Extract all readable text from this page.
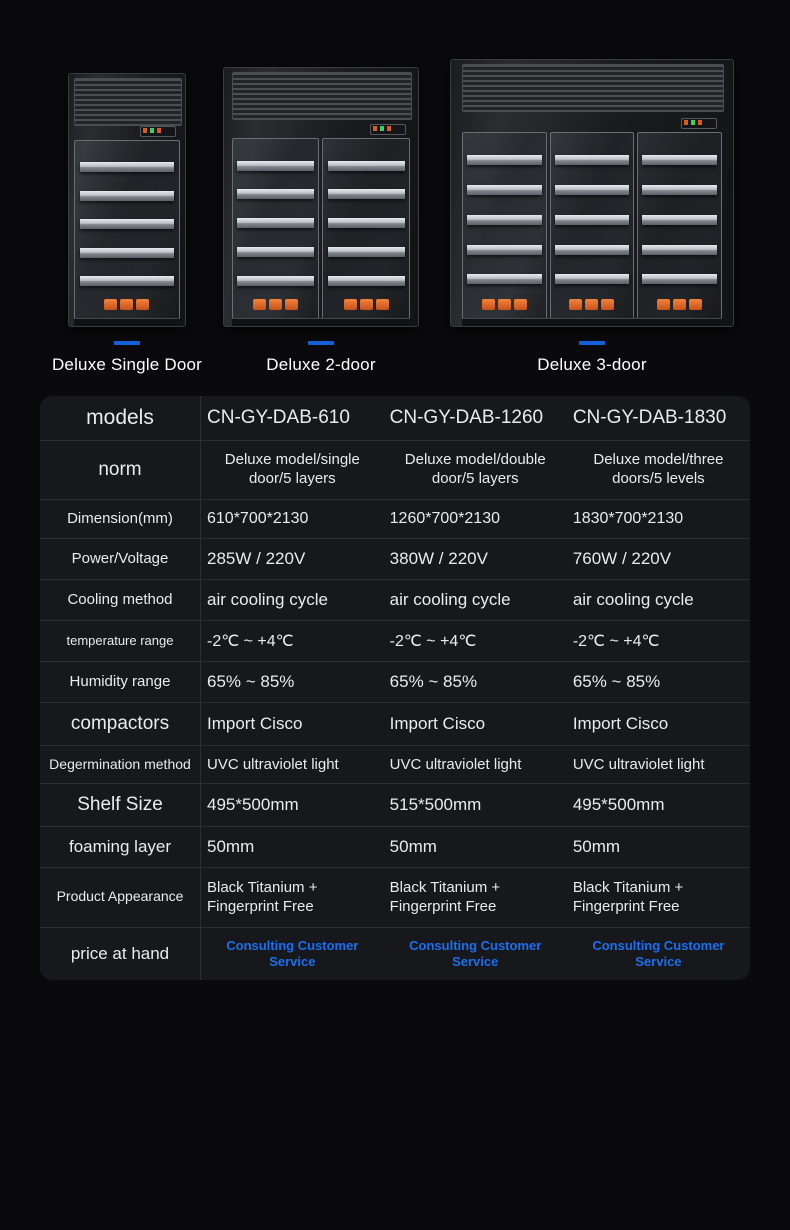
Deluxe Single Door	Deluxe 2-door	Deluxe 3-door
models	CN-GY-DAB-610	CN-GY-DAB-1260	CN-GY-DAB-1830
norm	Deluxe model/single door/5 layers	Deluxe model/double door/5 layers	Deluxe model/three doors/5 levels
Dimension(mm)	610*700*2130	1260*700*2130	1830*700*2130
Power/Voltage	285W / 220V	380W / 220V	760W / 220V
Cooling method	air cooling cycle	air cooling cycle	air cooling cycle
temperature range	-2℃ ~ +4℃	-2℃ ~ +4℃	-2℃ ~ +4℃
Humidity range	65% ~ 85%	65% ~ 85%	65% ~ 85%
compactors	Import Cisco	Import Cisco	Import Cisco
Degermination method	UVC ultraviolet light	UVC ultraviolet light	UVC ultraviolet light
Shelf Size	495*500mm	515*500mm	495*500mm
foaming layer	50mm	50mm	50mm
Product Appearance	Black Titanium + Fingerprint Free	Black Titanium + Fingerprint Free	Black Titanium + Fingerprint Free
price at hand	Consulting Customer Service	Consulting Customer Service	Consulting Customer Service
